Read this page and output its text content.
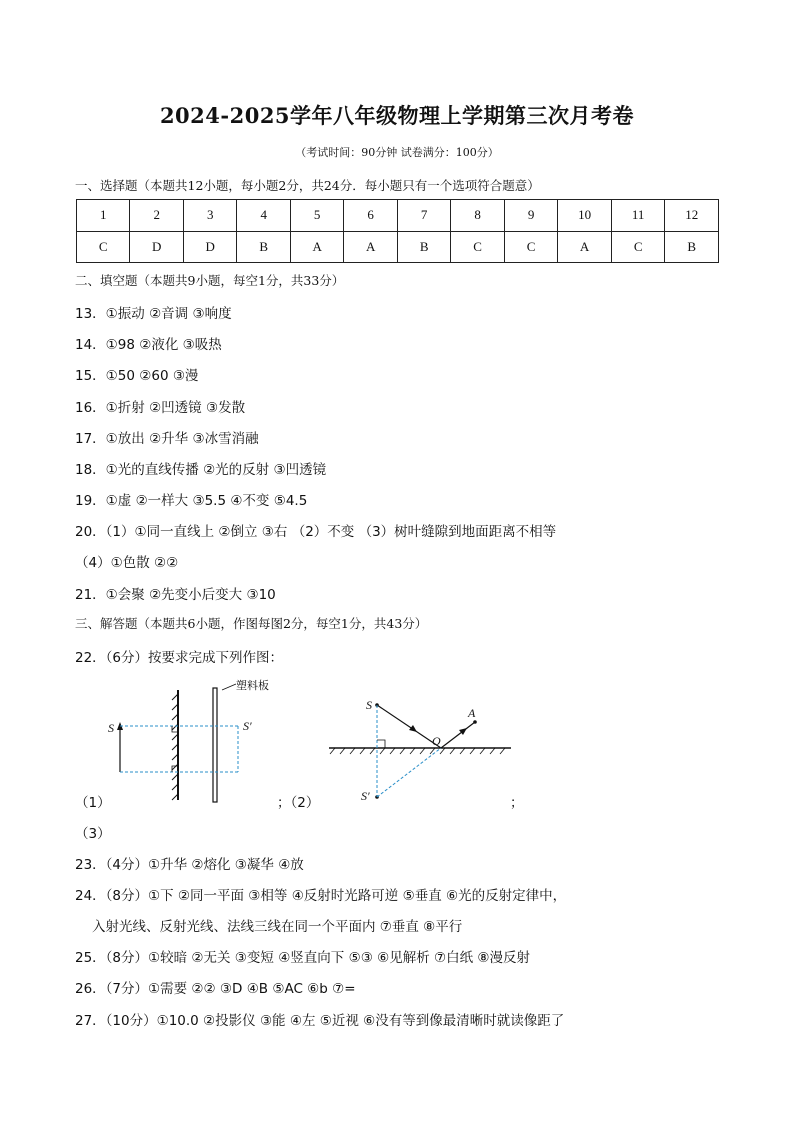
2024-2025学年八年级物理上学期第三次月考卷
（考试时间：90分钟 试卷满分：100分）
一、选择题（本题共12小题，每小题2分，共24分．每小题只有一个选项符合题意）
1	2	3	4	5	6	7	8	9	10	11	12
C	D	D	B	A	A	B	C	C	A	C	B
二、填空题（本题共9小题，每空1分，共33分）
13．①振动 ②音调 ③响度
14．①98 ②液化 ③吸热
15．①50 ②60 ③漫
16．①折射 ②凹透镜 ③发散
17．①放出 ②升华 ③冰雪消融
18．①光的直线传播 ②光的反射 ③凹透镜
19．①虚 ②一样大 ③5.5 ④不变 ⑤4.5
20．（1）①同一直线上 ②倒立 ③右 （2）不变 （3）树叶缝隙到地面距离不相等
（4）①色散 ②②
21．①会聚 ②先变小后变大 ③10
三、解答题（本题共6小题，作图每图2分，每空1分，共43分）
22．（6分）按要求完成下列作图：
塑料板
S	S′
S
A
O
S′
（1）	；（2）	；
（3）
23．（4分）①升华 ②熔化 ③凝华 ④放
24．（8分）①下 ②同一平面 ③相等 ④反射时光路可逆 ⑤垂直 ⑥光的反射定律中，
入射光线、反射光线、法线三线在同一个平面内 ⑦垂直 ⑧平行
25．（8分）①较暗 ②无关 ③变短 ④竖直向下 ⑤③ ⑥见解析 ⑦白纸 ⑧漫反射
26．（7分）①需要 ②② ③D ④B ⑤AC ⑥b ⑦=
27．（10分）①10.0 ②投影仪 ③能 ④左 ⑤近视 ⑥没有等到像最清晰时就读像距了
